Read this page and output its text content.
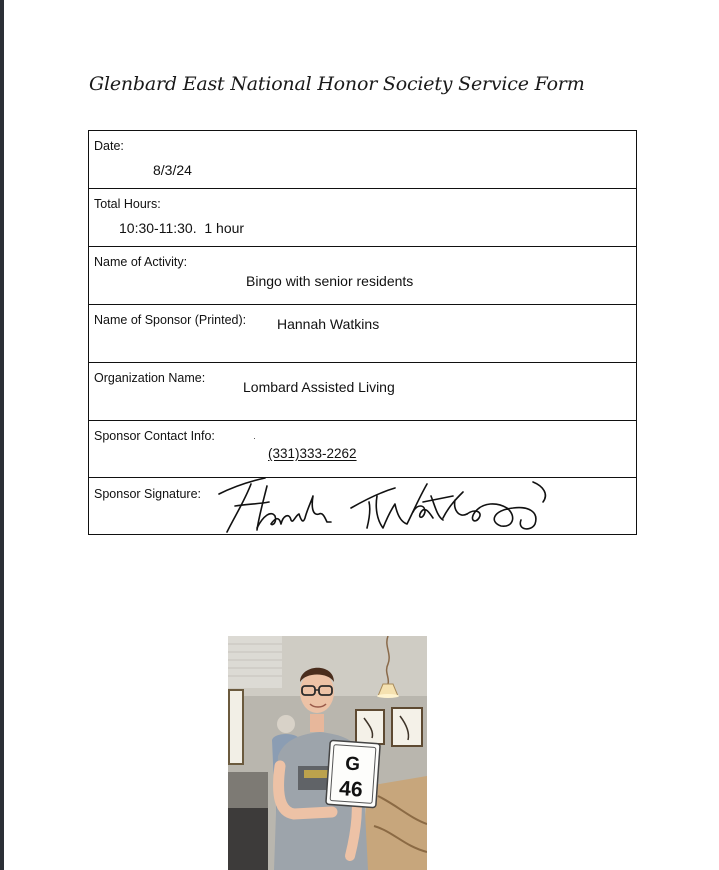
Glenbard East National Honor Society Service Form
Date:
8/3/24
Total Hours:
10:30-11:30.  1 hour
Name of Activity:
Bingo with senior residents
Name of Sponsor (Printed): Hannah Watkins
Organization Name:
Lombard Assisted Living
Sponsor Contact Info:
(331)333-2262
Sponsor Signature:
G
46
